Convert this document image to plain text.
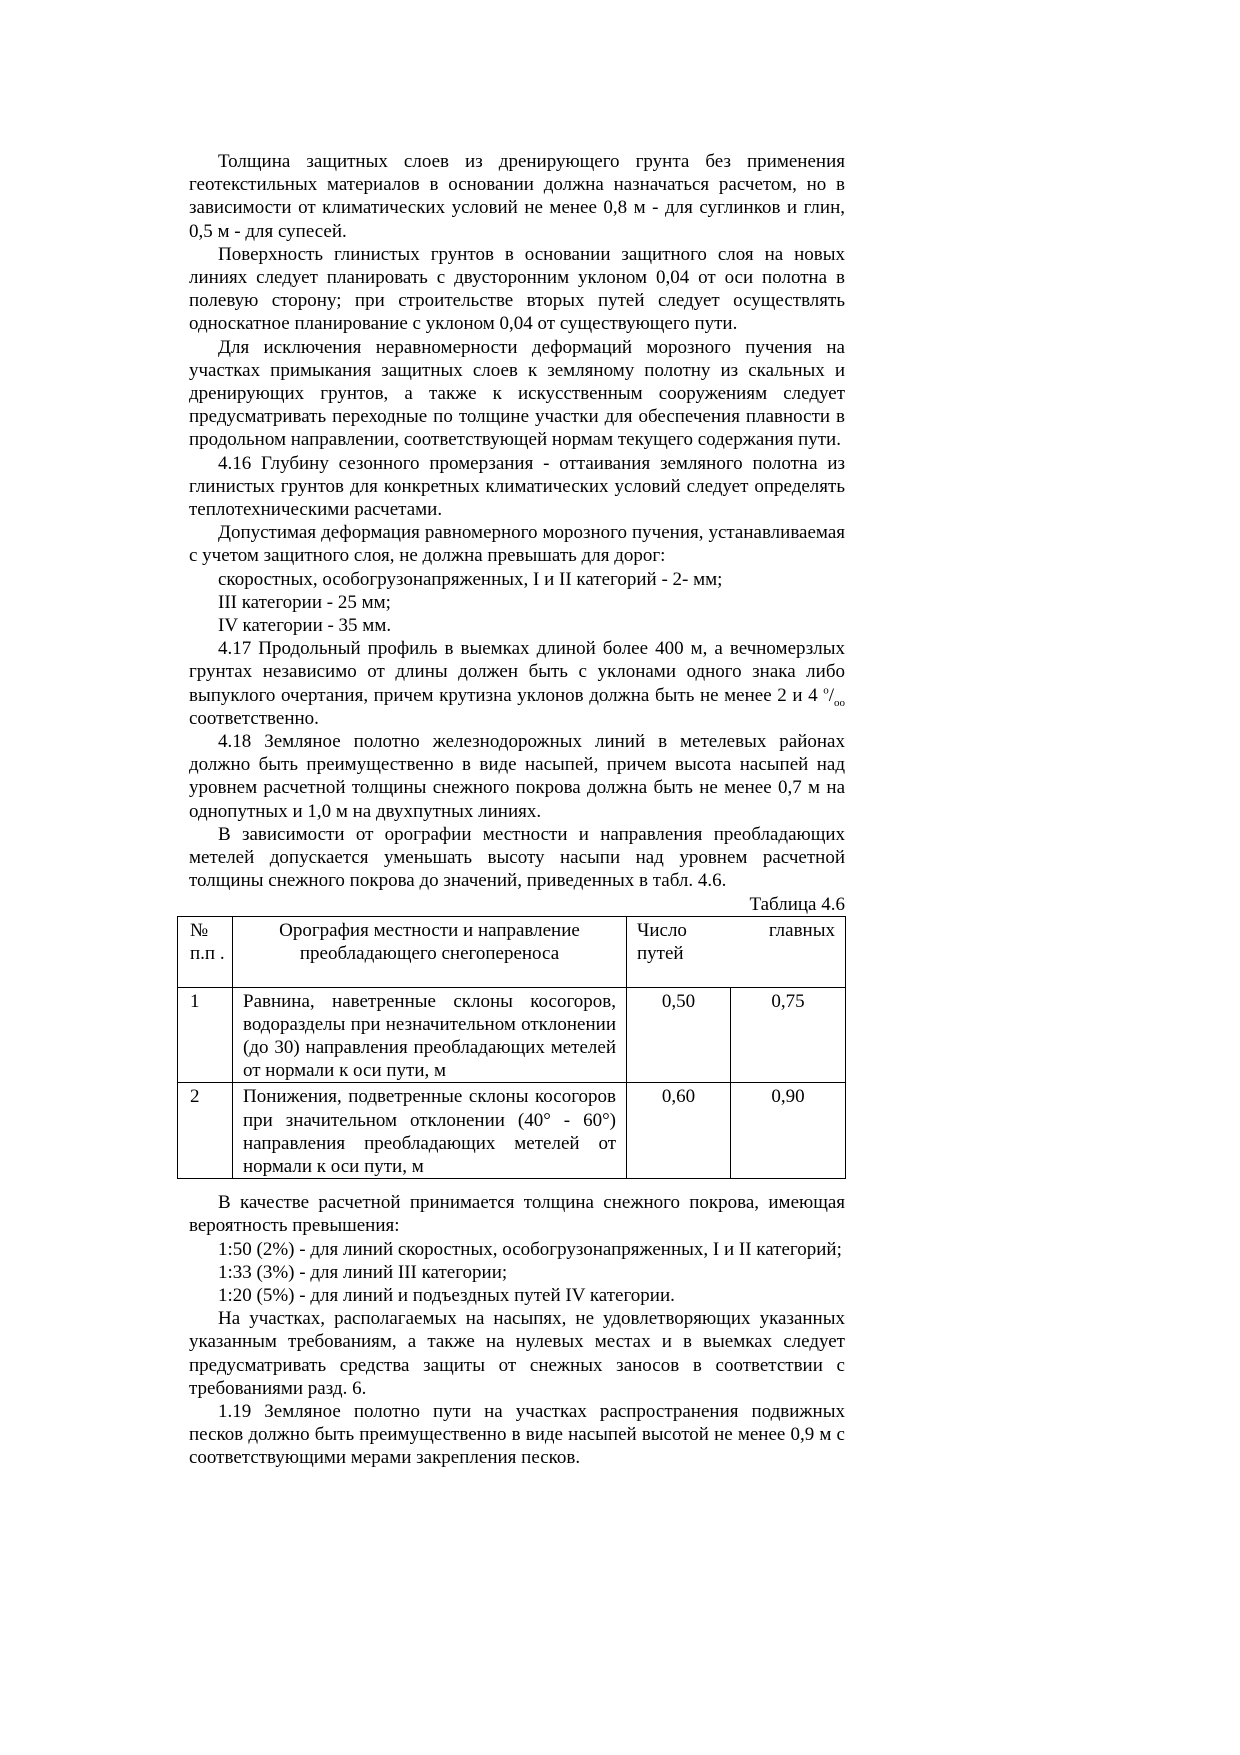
Толщина защитных слоев из дренирующего грунта без применения геотекстильных материалов в основании должна назначаться расчетом, но в зависимости от климатических условий не менее 0,8 м - для суглинков и глин, 0,5 м - для супесей.

Поверхность глинистых грунтов в основании защитного слоя на новых линиях следует планировать с двусторонним уклоном 0,04 от оси полотна в полевую сторону; при строительстве вторых путей следует осуществлять односкатное планирование с уклоном 0,04 от существующего пути.

Для исключения неравномерности деформаций морозного пучения на участках примыкания защитных слоев к земляному полотну из скальных и дренирующих грунтов, а также к искусственным сооружениям следует предусматривать переходные по толщине участки для обеспечения плавности в продольном направлении, соответствующей нормам текущего содержания пути.

4.16 Глубину сезонного промерзания - оттаивания земляного полотна из глинистых грунтов для конкретных климатических условий следует определять теплотехническими расчетами.

Допустимая деформация равномерного морозного пучения, устанавливаемая с учетом защитного слоя, не должна превышать для дорог:

скоростных, особогрузонапряженных, I и II категорий - 2- мм;

III категории - 25 мм;

IV категории - 35 мм.

4.17 Продольный профиль в выемках длиной более 400 м, а вечномерзлых грунтах независимо от длины должен быть с уклонами одного знака либо выпуклого очертания, причем крутизна уклонов должна быть не менее 2 и 4 $^о/_{оо}$ соответственно.

4.18 Земляное полотно железнодорожных линий в метелевых районах должно быть преимущественно в виде насыпей, причем высота насыпей над уровнем расчетной толщины снежного покрова должна быть не менее 0,7 м на однопутных и 1,0 м на двухпутных линиях.

В зависимости от орографии местности и направления преобладающих метелей допускается уменьшать высоту насыпи над уровнем расчетной толщины снежного покрова до значений, приведенных в табл. 4.6.

Таблица 4.6

№ п.п .	Орография местности и направление преобладающего снегопереноса	Число главных
путей	

1	Равнина, наветренные склоны косогоров, водоразделы при незначительном отклонении (до 30) направления преобладающих метелей от нормали к оси пути, м	0,50	0,75
2	Понижения, подветренные склоны косогоров при значительном отклонении (40° - 60°) направления преобладающих метелей от нормали к оси пути, м	0,60	0,90

В качестве расчетной принимается толщина снежного покрова, имеющая вероятность превышения:

1:50 (2%) - для линий скоростных, особогрузонапряженных, I и II категорий;

1:33 (3%) - для линий III категории;

1:20 (5%) - для линий и подъездных путей IV категории.

На участках, располагаемых на насыпях, не удовлетворяющих указанных указанным требованиям, а также на нулевых местах и в выемках следует предусматривать средства защиты от снежных заносов в соответствии с требованиями разд. 6.

1.19 Земляное полотно пути на участках распространения подвижных песков должно быть преимущественно в виде насыпей высотой не менее 0,9 м с соответствующими мерами закрепления песков.
